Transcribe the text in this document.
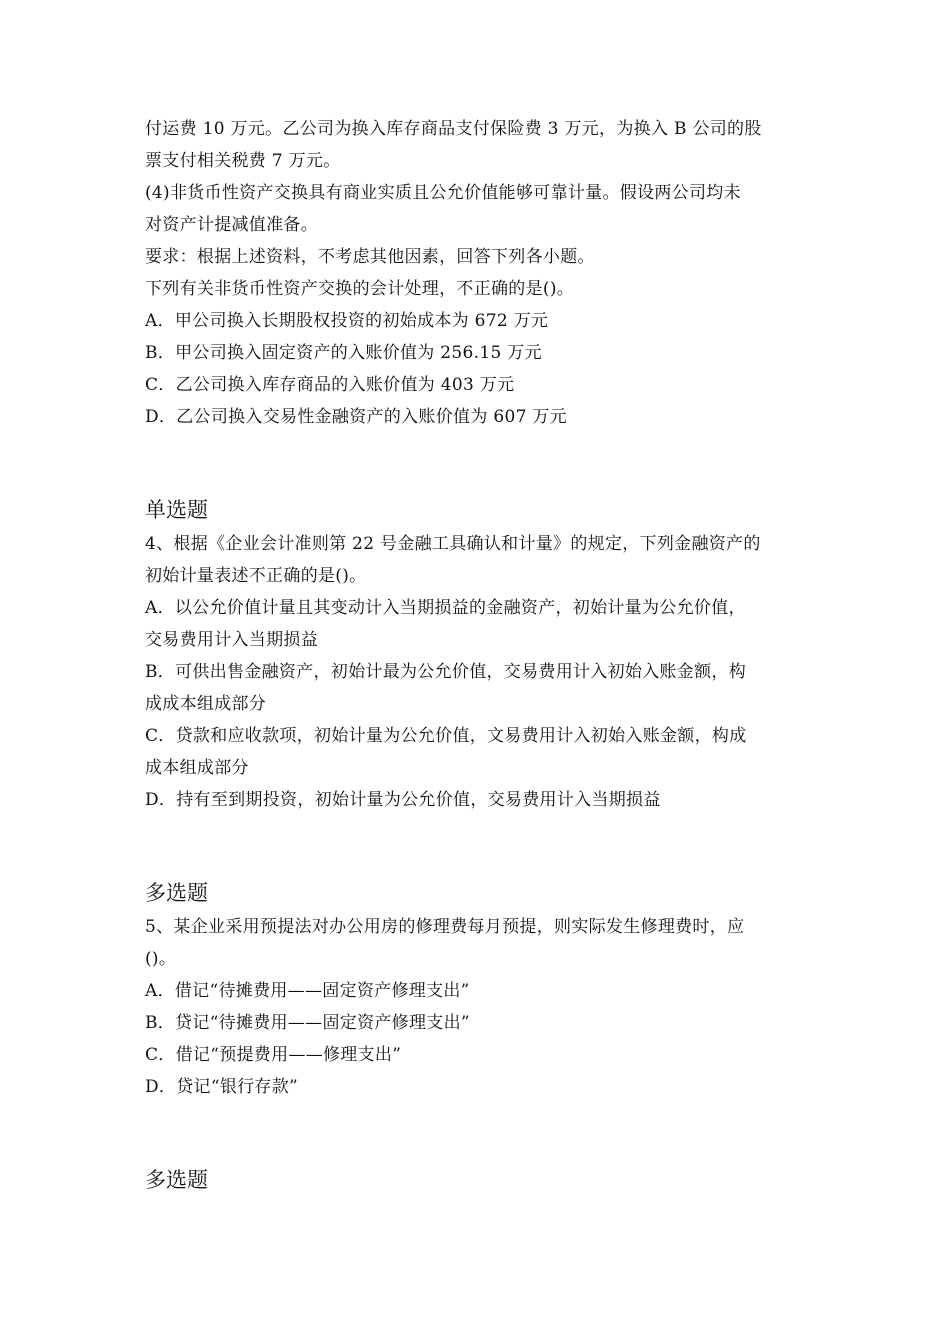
付运费 10 万元。乙公司为换入库存商品支付保险费 3 万元，为换入 B 公司的股
票支付相关税费 7 万元。
(4)非货币性资产交换具有商业实质且公允价值能够可靠计量。假设两公司均未
对资产计提减值准备。
要求：根据上述资料，不考虑其他因素，回答下列各小题。
下列有关非货币性资产交换的会计处理，不正确的是()。
A．甲公司换入长期股权投资的初始成本为 672 万元
B．甲公司换入固定资产的入账价值为 256.15 万元
C．乙公司换入库存商品的入账价值为 403 万元
D．乙公司换入交易性金融资产的入账价值为 607 万元
单选题
4、根据《企业会计准则第 22 号金融工具确认和计量》的规定，下列金融资产的
初始计量表述不正确的是()。
A．以公允价值计量且其变动计入当期损益的金融资产，初始计量为公允价值，
交易费用计入当期损益
B．可供出售金融资产，初始计最为公允价值，交易费用计入初始入账金额，构
成成本组成部分
C．贷款和应收款项，初始计量为公允价值，文易费用计入初始入账金额，构成
成本组成部分
D．持有至到期投资，初始计量为公允价值，交易费用计入当期损益
多选题
5、某企业采用预提法对办公用房的修理费每月预提，则实际发生修理费时，应
()。
A．借记“待摊费用——固定资产修理支出”
B．贷记“待摊费用——固定资产修理支出”
C．借记“预提费用——修理支出”
D．贷记“银行存款”
多选题
